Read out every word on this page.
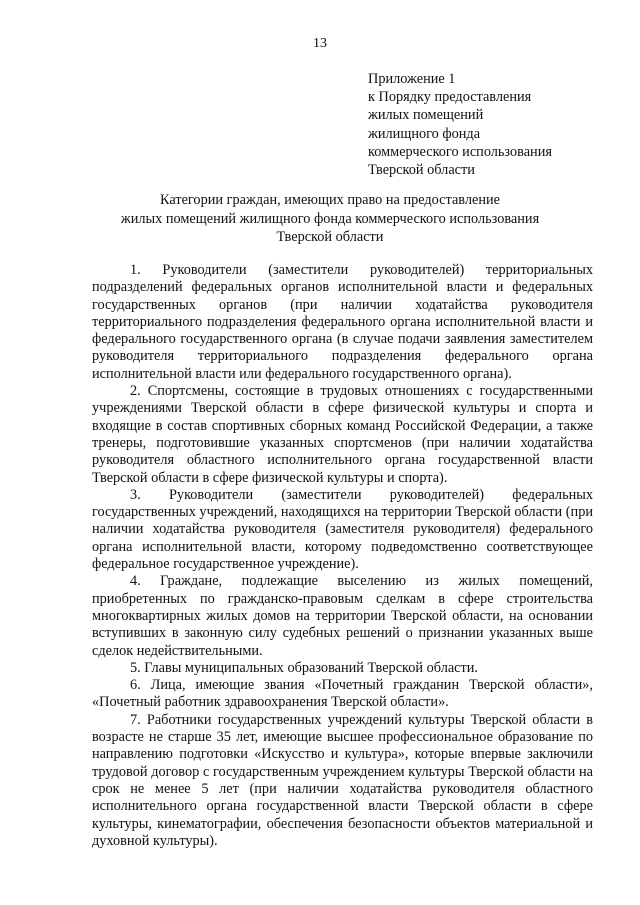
13
Приложение 1
к Порядку предоставления
жилых помещений
жилищного фонда
коммерческого использования
Тверской области
Категории граждан, имеющих право на предоставление
жилых помещений жилищного фонда коммерческого использования
Тверской области

1. Руководители (заместители руководителей) территориальных подразделений федеральных органов исполнительной власти и федеральных государственных органов (при наличии ходатайства руководителя территориального подразделения федерального органа исполнительной власти и федерального государственного органа (в случае подачи заявления заместителем руководителя территориального подразделения федерального органа исполнительной власти или федерального государственного органа).

2. Спортсмены, состоящие в трудовых отношениях с государственными учреждениями Тверской области в сфере физической культуры и спорта и входящие в состав спортивных сборных команд Российской Федерации, а также тренеры, подготовившие указанных спортсменов (при наличии ходатайства руководителя областного исполнительного органа государственной власти Тверской области в сфере физической культуры и спорта).

3. Руководители (заместители руководителей) федеральных государственных учреждений, находящихся на территории Тверской области (при наличии ходатайства руководителя (заместителя руководителя) федерального органа исполнительной власти, которому подведомственно соответствующее федеральное государственное учреждение).

4. Граждане, подлежащие выселению из жилых помещений, приобретенных по гражданско-правовым сделкам в сфере строительства многоквартирных жилых домов на территории Тверской области, на основании вступивших в законную силу судебных решений о признании указанных выше сделок недействительными.

5. Главы муниципальных образований Тверской области.

6. Лица, имеющие звания «Почетный гражданин Тверской области», «Почетный работник здравоохранения Тверской области».

7. Работники государственных учреждений культуры Тверской области в возрасте не старше 35 лет, имеющие высшее профессиональное образование по направлению подготовки «Искусство и культура», которые впервые заключили трудовой договор с государственным учреждением культуры Тверской области на срок не менее 5 лет (при наличии ходатайства руководителя областного исполнительного органа государственной власти Тверской области в сфере культуры, кинематографии, обеспечения безопасности объектов материальной и духовной культуры).
